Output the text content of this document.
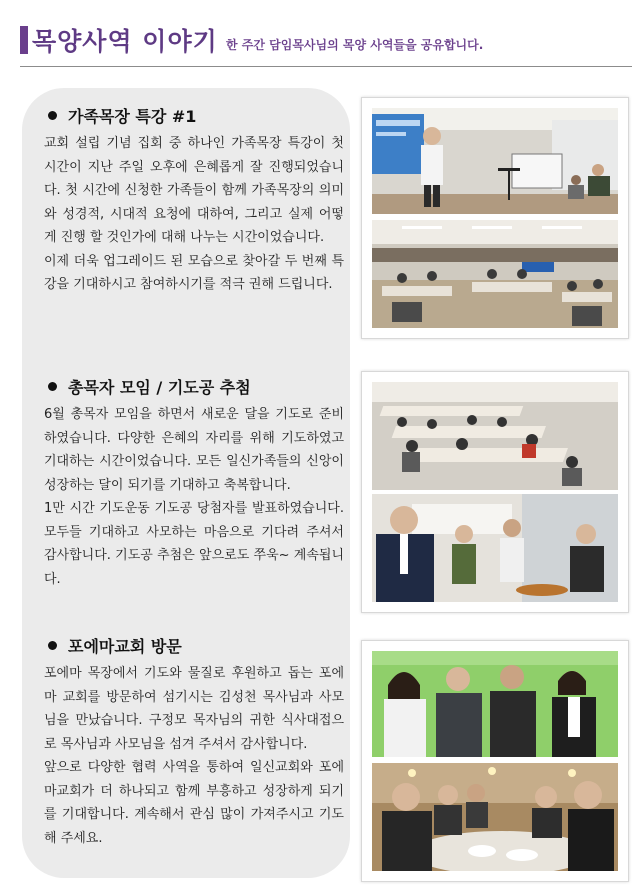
목양사역 이야기 한 주간 담임목사님의 목양 사역들을 공유합니다.
가족목장 특강 #1

교회 설립 기념 집회 중 하나인 가족목장 특강이 첫 시간이 지난 주일 오후에 은혜롭게 잘 진행되었습니다. 첫 시간에 신청한 가족들이 함께 가족목장의 의미와 성경적, 시대적 요청에 대하여, 그리고 실제 어떻게 진행 할 것인가에 대해 나누는 시간이었습니다.

이제 더욱 업그레이드 된 모습으로 찾아갈 두 번째 특강을 기대하시고 참여하시기를 적극 권해 드립니다.

총목자 모임 / 기도공 추첨

6월 총목자 모임을 하면서 새로운 달을 기도로 준비하였습니다. 다양한 은혜의 자리를 위해 기도하였고 기대하는 시간이었습니다. 모든 일신가족들의 신앙이 성장하는 달이 되기를 기대하고 축복합니다.

1만 시간 기도운동 기도공 당첨자를 발표하였습니다. 모두들 기대하고 사모하는 마음으로 기다려 주셔서 감사합니다. 기도공 추첨은 앞으로도 쭈욱~ 계속됩니다.

포에마교회 방문

포에마 목장에서 기도와 물질로 후원하고 돕는 포에마 교회를 방문하여 섬기시는 김성천 목사님과 사모님을 만났습니다. 구정모 목자님의 귀한 식사대접으로 목사님과 사모님을 섬겨 주셔서 감사합니다.

앞으로 다양한 협력 사역을 통하여 일신교회와 포에마교회가 더 하나되고 함께 부흥하고 성장하게 되기를 기대합니다. 계속해서 관심 많이 가져주시고 기도해 주세요.
